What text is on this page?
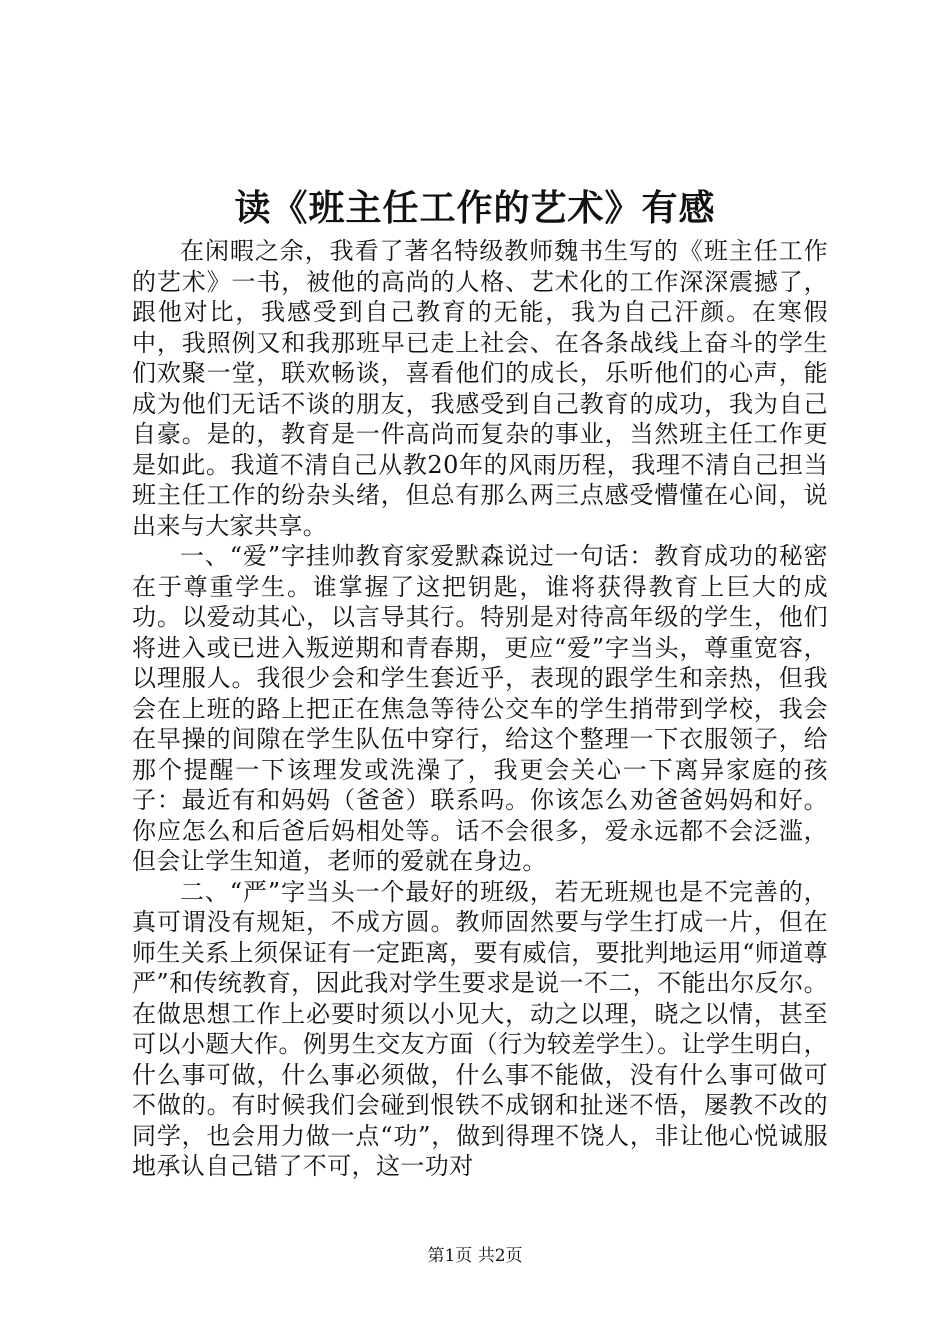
读《班主任工作的艺术》有感

在闲暇之余，我看了著名特级教师魏书生写的《班主任工作的艺术》一书，被他的高尚的人格、艺术化的工作深深震撼了，跟他对比，我感受到自己教育的无能，我为自己汗颜。在寒假中，我照例又和我那班早已走上社会、在各条战线上奋斗的学生们欢聚一堂，联欢畅谈，喜看他们的成长，乐听他们的心声，能成为他们无话不谈的朋友，我感受到自己教育的成功，我为自己自豪。是的，教育是一件高尚而复杂的事业，当然班主任工作更是如此。我道不清自己从教20年的风雨历程，我理不清自己担当班主任工作的纷杂头绪，但总有那么两三点感受懵懂在心间，说出来与大家共享。

一、“爱”字挂帅教育家爱默森说过一句话：教育成功的秘密在于尊重学生。谁掌握了这把钥匙，谁将获得教育上巨大的成功。以爱动其心，以言导其行。特别是对待高年级的学生，他们将进入或已进入叛逆期和青春期，更应“爱”字当头，尊重宽容，以理服人。我很少会和学生套近乎，表现的跟学生和亲热，但我会在上班的路上把正在焦急等待公交车的学生捎带到学校，我会在早操的间隙在学生队伍中穿行，给这个整理一下衣服领子，给那个提醒一下该理发或洗澡了，我更会关心一下离异家庭的孩子：最近有和妈妈（爸爸）联系吗。你该怎么劝爸爸妈妈和好。你应怎么和后爸后妈相处等。话不会很多，爱永远都不会泛滥，但会让学生知道，老师的爱就在身边。

二、“严”字当头一个最好的班级，若无班规也是不完善的，真可谓没有规矩，不成方圆。教师固然要与学生打成一片，但在师生关系上须保证有一定距离，要有威信，要批判地运用“师道尊严”和传统教育，因此我对学生要求是说一不二，不能出尔反尔。在做思想工作上必要时须以小见大，动之以理，晓之以情，甚至可以小题大作。例男生交友方面（行为较差学生）。让学生明白，什么事可做，什么事必须做，什么事不能做，没有什么事可做可不做的。有时候我们会碰到恨铁不成钢和扯迷不悟，屡教不改的同学，也会用力做一点“功”，做到得理不饶人，非让他心悦诚服地承认自己错了不可，这一功对

第1页 共2页
